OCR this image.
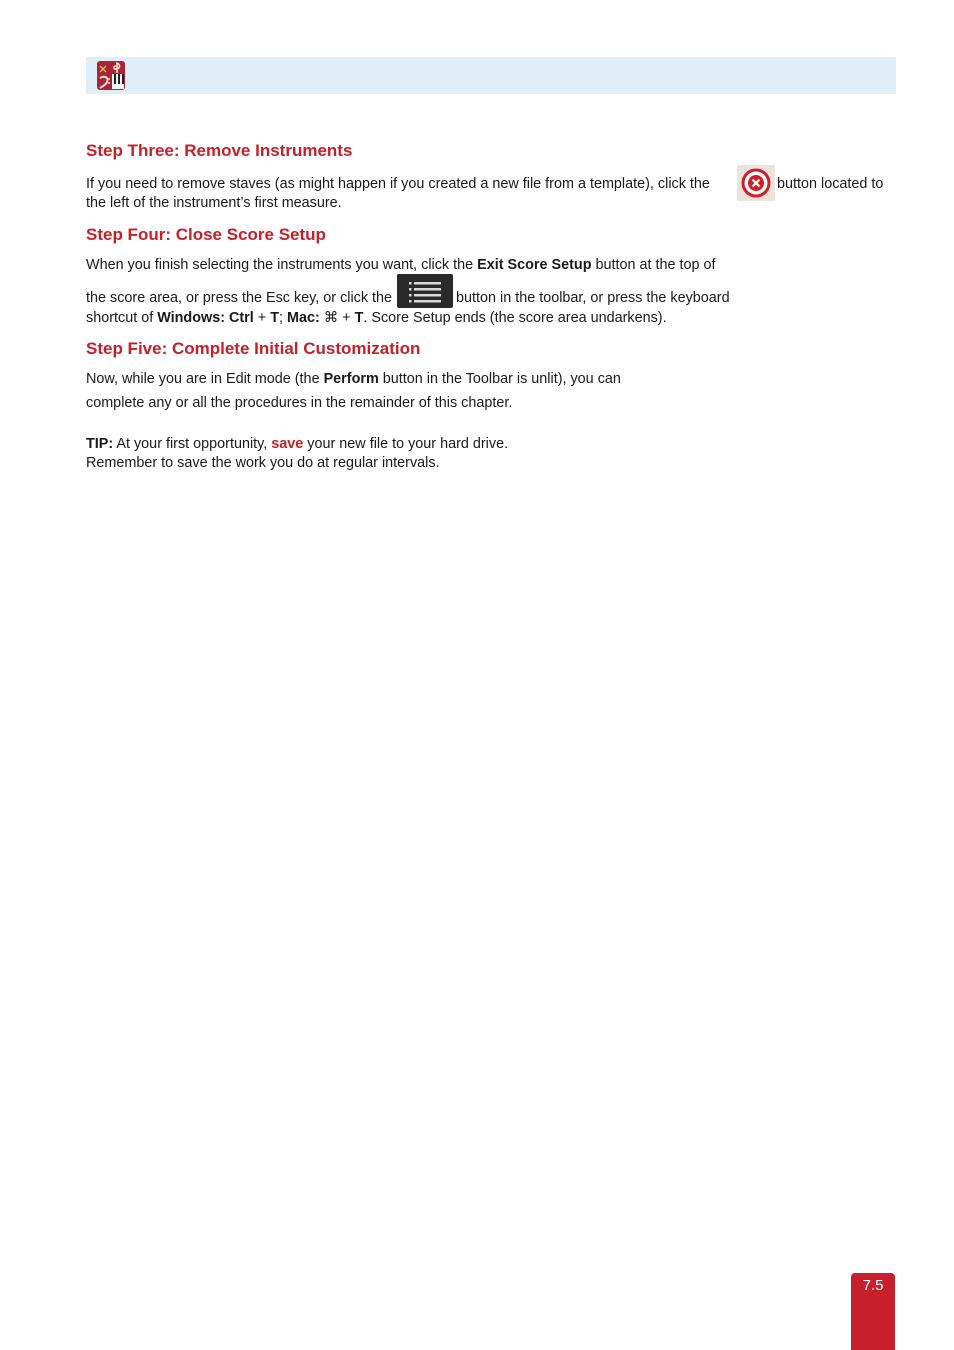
Step Three: Remove Instruments

If you need to remove staves (as might happen if you created a new file from a template), click the	button located to

the left of the instrument’s first measure.

Step Four: Close Score Setup

When you finish selecting the instruments you want, click the Exit Score Setup button at the top of

the score area, or press the Esc key, or click the	button in the toolbar, or press the keyboard

shortcut of Windows: Ctrl + T; Mac: ⌘ + T. Score Setup ends (the score area undarkens).

Step Five: Complete Initial Customization

Now, while you are in Edit mode (the Perform button in the Toolbar is unlit), you can

complete any or all the procedures in the remainder of this chapter.

TIP: At your first opportunity, save your new file to your hard drive.

Remember to save the work you do at regular intervals.

7.5
